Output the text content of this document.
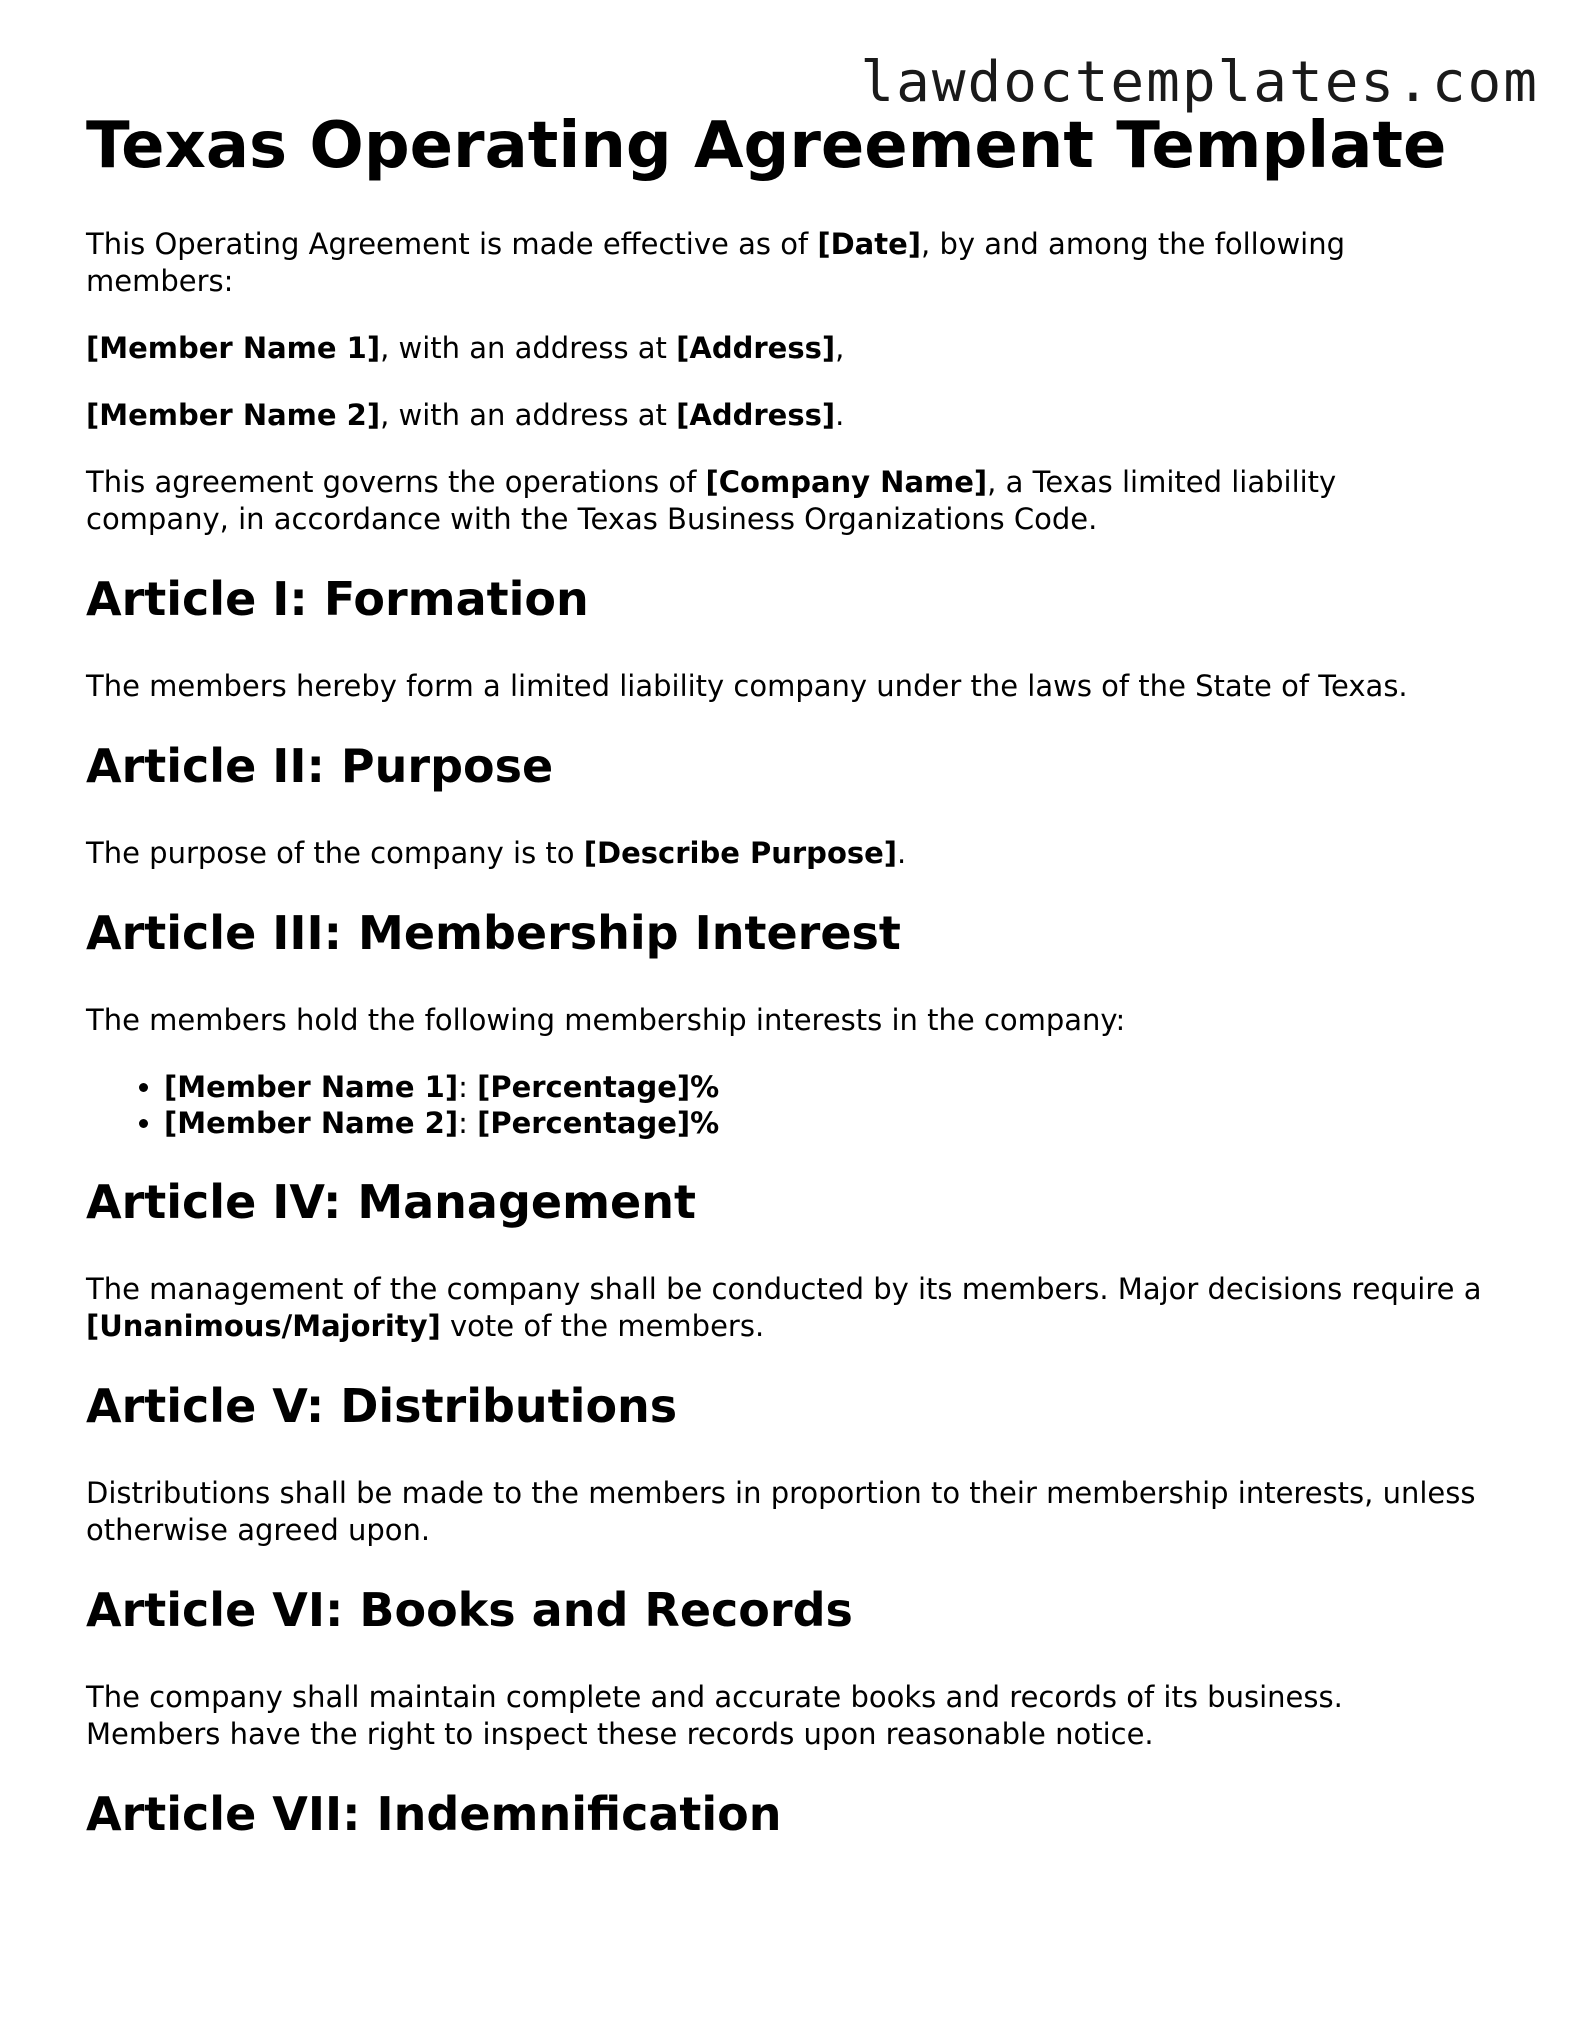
lawdoctemplates.com
Texas Operating Agreement Template

This Operating Agreement is made effective as of [Date], by and among the following members:

[Member Name 1], with an address at [Address],

[Member Name 2], with an address at [Address].

This agreement governs the operations of [Company Name], a Texas limited liability company, in accordance with the Texas Business Organizations Code.

Article I: Formation

The members hereby form a limited liability company under the laws of the State of Texas.

Article II: Purpose

The purpose of the company is to [Describe Purpose].

Article III: Membership Interest

The members hold the following membership interests in the company:

• [Member Name 1]: [Percentage]%
• [Member Name 2]: [Percentage]%
Article IV: Management

The management of the company shall be conducted by its members. Major decisions require a [Unanimous/Majority] vote of the members.

Article V: Distributions

Distributions shall be made to the members in proportion to their membership interests, unless otherwise agreed upon.

Article VI: Books and Records

The company shall maintain complete and accurate books and records of its business. Members have the right to inspect these records upon reasonable notice.

Article VII: Indemnification
